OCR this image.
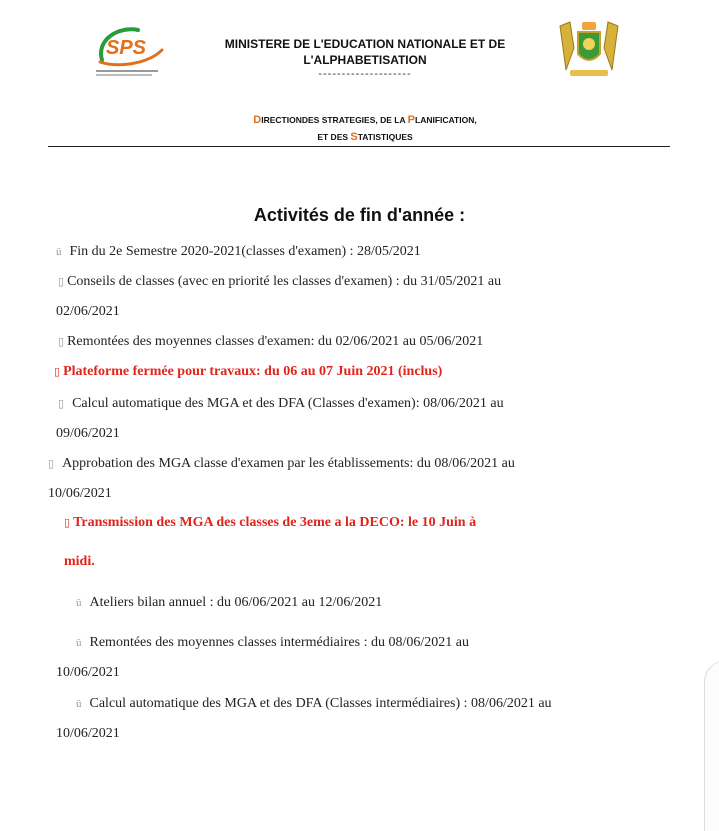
SPS	MINISTERE DE L'EDUCATION NATIONALE ET DE
L'ALPHABETISATION
--------------------
DIRECTIONDES STRATEGIES, DE LA PLANIFICATION,
ET DES STATISTIQUES
Activités de fin d'année :
ü Fin du 2e Semestre 2020-2021(classes d'examen) : 28/05/2021
▯ Conseils de classes (avec en priorité les classes d'examen) : du 31/05/2021 au
02/06/2021
▯ Remontées des moyennes classes d'examen: du 02/06/2021 au 05/06/2021
▯ Plateforme fermée pour travaux: du 06 au 07 Juin 2021 (inclus)
▯ Calcul automatique des MGA et des DFA (Classes d'examen): 08/06/2021 au
09/06/2021
▯ Approbation des MGA classe d'examen par les établissements: du 08/06/2021 au
10/06/2021
▯ Transmission des MGA des classes de 3eme a la DECO: le 10 Juin à
midi.
ü Ateliers bilan annuel : du 06/06/2021 au 12/06/2021
ü Remontées des moyennes classes intermédiaires : du 08/06/2021 au
10/06/2021
ü Calcul automatique des MGA et des DFA (Classes intermédiaires) : 08/06/2021 au
10/06/2021
